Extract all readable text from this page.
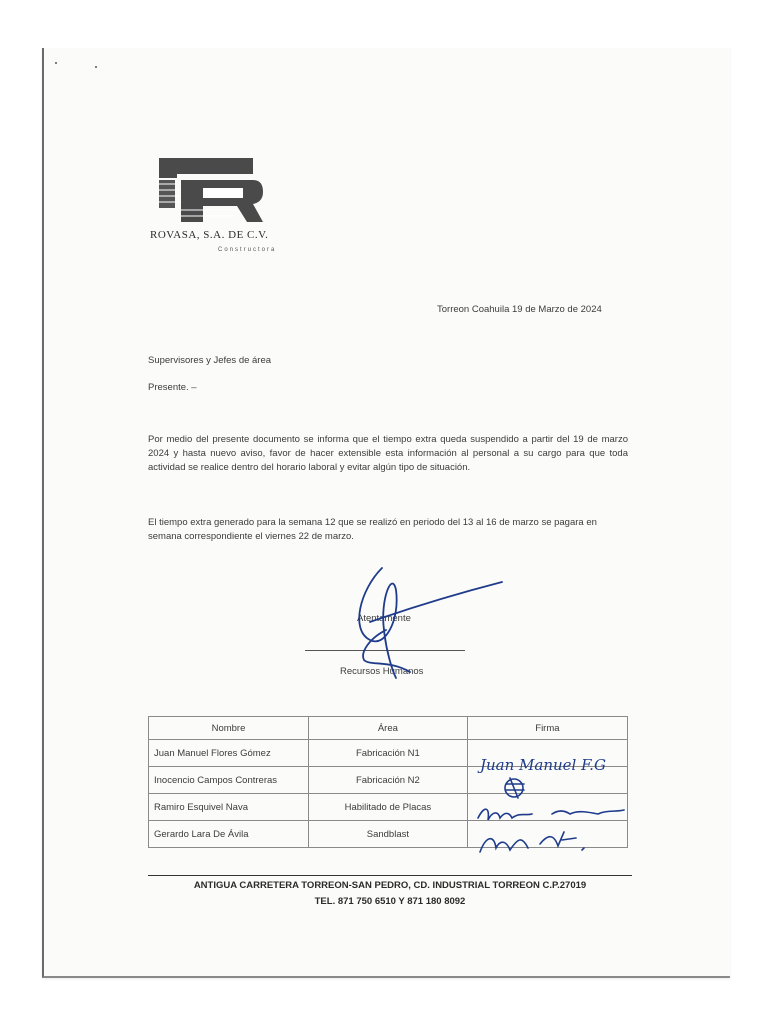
ROVASA, S.A. DE C.V.
Constructora
Torreon Coahuila 19 de Marzo de 2024
Supervisores y Jefes de área
Presente. –
Por medio del presente documento se informa que el tiempo extra queda suspendido a partir del 19 de marzo 2024 y hasta nuevo aviso, favor de hacer extensible esta información al personal a su cargo para que toda actividad se realice dentro del horario laboral y evitar algún tipo de situación.
El tiempo extra generado para la semana 12 que se realizó en periodo del 13 al 16 de marzo se pagara en semana correspondiente el viernes 22 de marzo.
Atentamente
Recursos Humanos
Nombre	Área	Firma
Juan Manuel Flores Gómez	Fabricación N1	
Inocencio Campos Contreras	Fabricación N2	
Ramiro Esquivel Nava	Habilitado de Placas	
Gerardo Lara De Ávila	Sandblast	
Juan Manuel F.G
ANTIGUA CARRETERA TORREON-SAN PEDRO, CD. INDUSTRIAL TORREON C.P.27019
TEL. 871 750 6510 Y 871 180 8092
